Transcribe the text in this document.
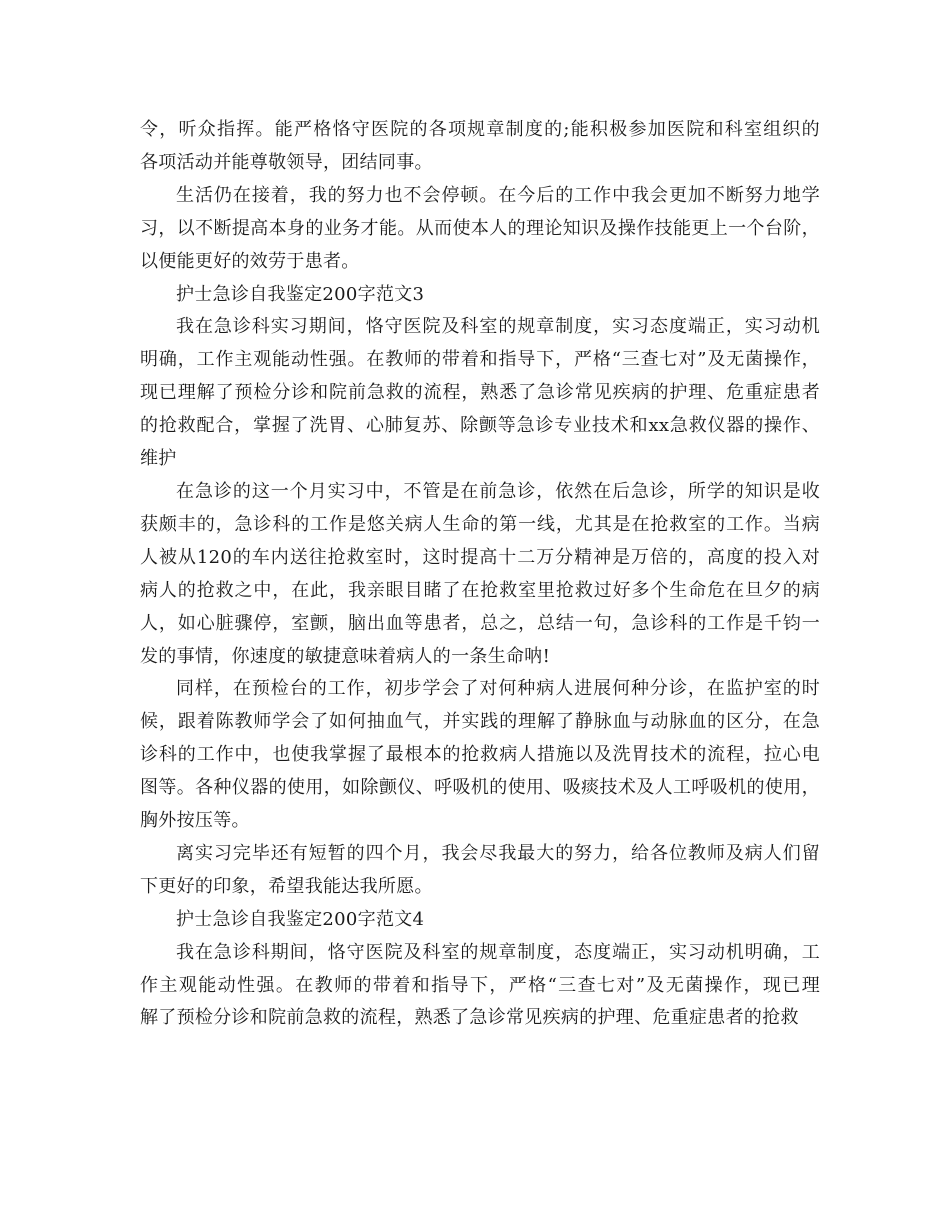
令，听众指挥。能严格恪守医院的各项规章制度的;能积极参加医院和科室组织的
各项活动并能尊敬领导，团结同事。
生活仍在接着，我的努力也不会停顿。在今后的工作中我会更加不断努力地学
习，以不断提高本身的业务才能。从而使本人的理论知识及操作技能更上一个台阶，
以便能更好的效劳于患者。
护士急诊自我鉴定200字范文3
我在急诊科实习期间，恪守医院及科室的规章制度，实习态度端正，实习动机
明确，工作主观能动性强。在教师的带着和指导下，严格“三查七对”及无菌操作，
现已理解了预检分诊和院前急救的流程，熟悉了急诊常见疾病的护理、危重症患者
的抢救配合，掌握了洗胃、心肺复苏、除颤等急诊专业技术和xx急救仪器的操作、
维护
在急诊的这一个月实习中，不管是在前急诊，依然在后急诊，所学的知识是收
获颇丰的，急诊科的工作是悠关病人生命的第一线，尤其是在抢救室的工作。当病
人被从120的车内送往抢救室时，这时提高十二万分精神是万倍的，高度的投入对
病人的抢救之中，在此，我亲眼目睹了在抢救室里抢救过好多个生命危在旦夕的病
人，如心脏骤停，室颤，脑出血等患者，总之，总结一句，急诊科的工作是千钧一
发的事情，你速度的敏捷意味着病人的一条生命呐!
同样，在预检台的工作，初步学会了对何种病人进展何种分诊，在监护室的时
候，跟着陈教师学会了如何抽血气，并实践的理解了静脉血与动脉血的区分，在急
诊科的工作中，也使我掌握了最根本的抢救病人措施以及洗胃技术的流程，拉心电
图等。各种仪器的使用，如除颤仪、呼吸机的使用、吸痰技术及人工呼吸机的使用，
胸外按压等。
离实习完毕还有短暂的四个月，我会尽我最大的努力，给各位教师及病人们留
下更好的印象，希望我能达我所愿。
护士急诊自我鉴定200字范文4
我在急诊科期间，恪守医院及科室的规章制度，态度端正，实习动机明确，工
作主观能动性强。在教师的带着和指导下，严格“三查七对”及无菌操作，现已理
解了预检分诊和院前急救的流程，熟悉了急诊常见疾病的护理、危重症患者的抢救
